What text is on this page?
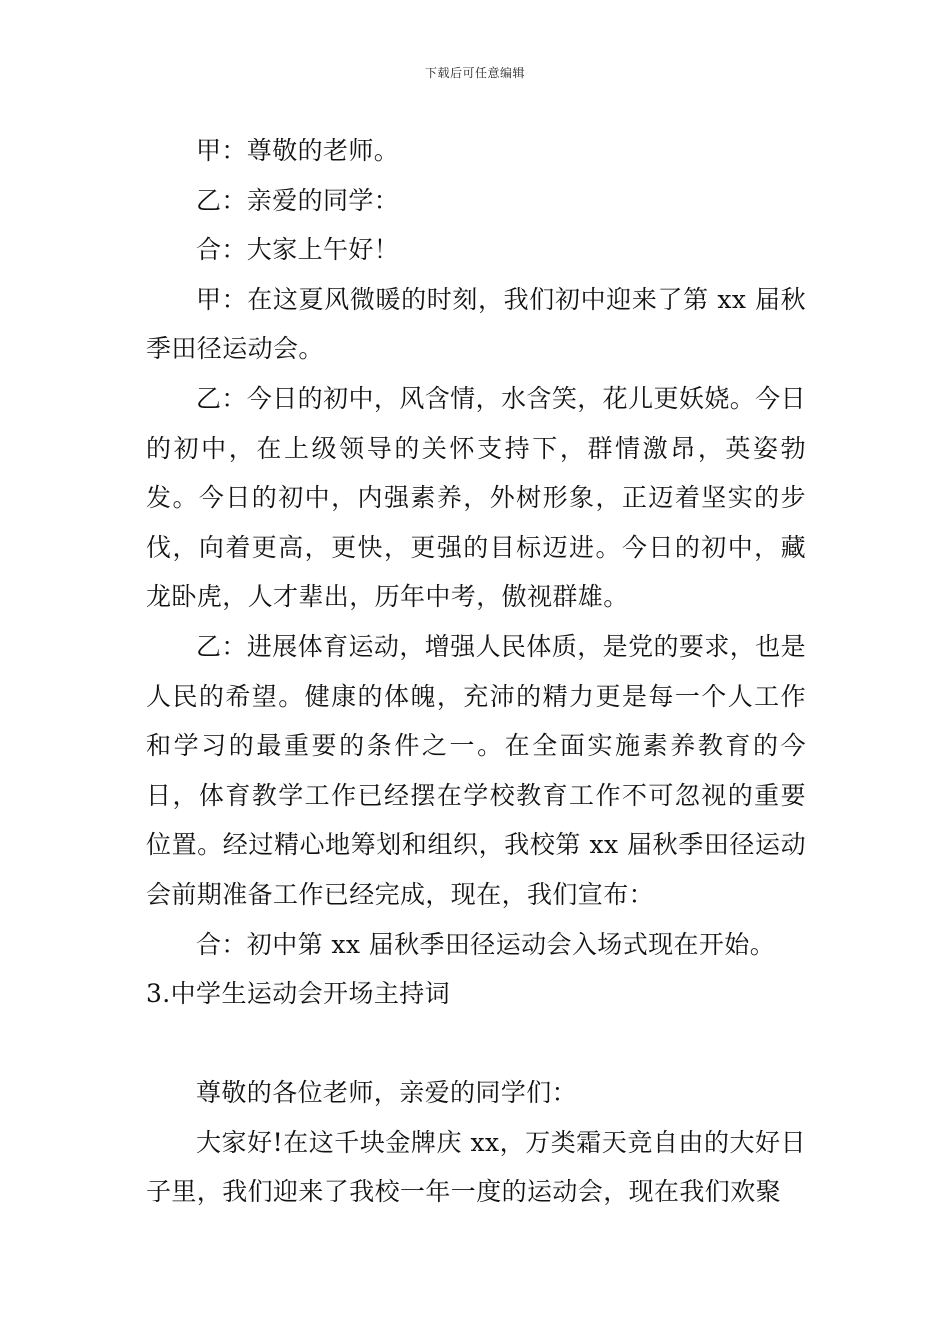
下载后可任意编辑

甲：尊敬的老师。

乙：亲爱的同学：

合：大家上午好！

甲：在这夏风微暖的时刻，我们初中迎来了第 xx 届秋季田径运动会。

乙：今日的初中，风含情，水含笑，花儿更妖娆。今日的初中，在上级领导的关怀支持下，群情激昂，英姿勃发。今日的初中，内强素养，外树形象，正迈着坚实的步伐，向着更高，更快，更强的目标迈进。今日的初中，藏龙卧虎，人才辈出，历年中考，傲视群雄。

乙：进展体育运动，增强人民体质，是党的要求，也是人民的希望。健康的体魄，充沛的精力更是每一个人工作和学习的最重要的条件之一。在全面实施素养教育的今日，体育教学工作已经摆在学校教育工作不可忽视的重要位置。经过精心地筹划和组织，我校第 xx 届秋季田径运动会前期准备工作已经完成，现在，我们宣布：

合：初中第 xx 届秋季田径运动会入场式现在开始。

3.中学生运动会开场主持词

尊敬的各位老师，亲爱的同学们：

大家好!在这千块金牌庆 xx，万类霜天竞自由的大好日子里，我们迎来了我校一年一度的运动会，现在我们欢聚
